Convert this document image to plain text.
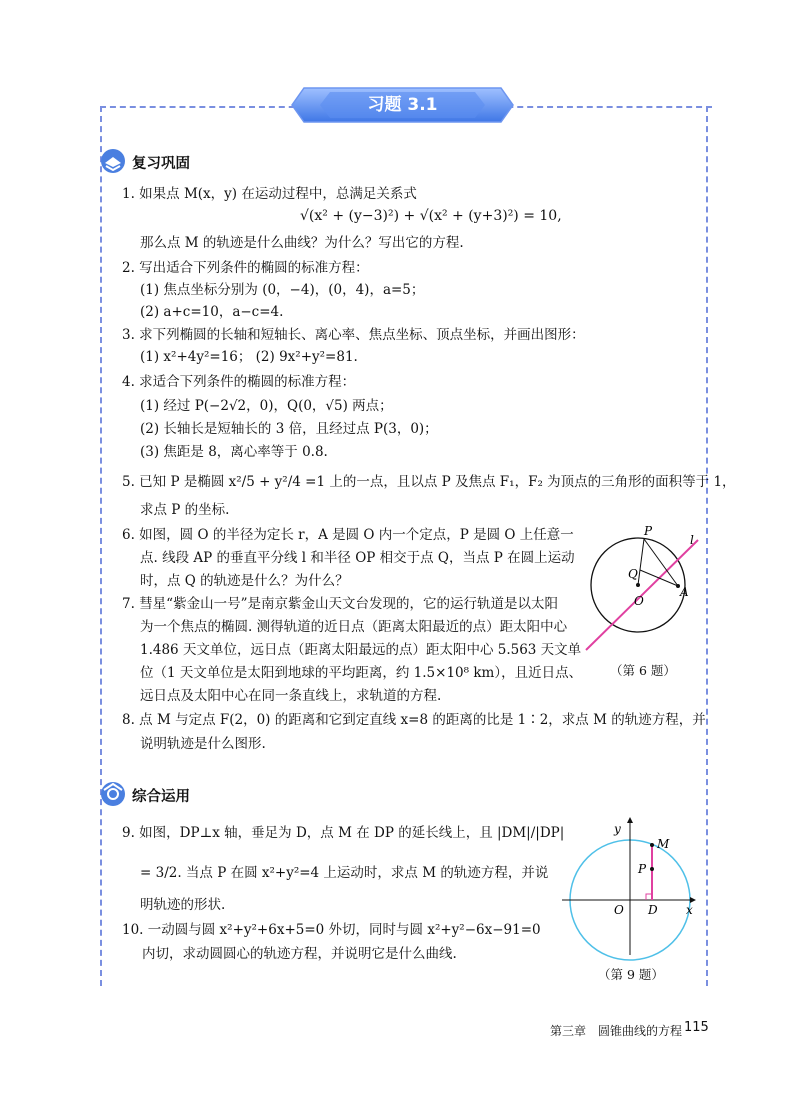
习题 3.1
复习巩固
1. 如果点 M(x，y) 在运动过程中，总满足关系式
√(x² + (y−3)²) + √(x² + (y+3)²) = 10,
那么点 M 的轨迹是什么曲线？为什么？写出它的方程.
2. 写出适合下列条件的椭圆的标准方程：
(1) 焦点坐标分别为 (0，−4)，(0，4)，a=5；
(2) a+c=10，a−c=4.
3. 求下列椭圆的长轴和短轴长、离心率、焦点坐标、顶点坐标，并画出图形：
(1) x²+4y²=16； (2) 9x²+y²=81.
4. 求适合下列条件的椭圆的标准方程：
(1) 经过 P(−2√2，0)，Q(0，√5) 两点；
(2) 长轴长是短轴长的 3 倍，且经过点 P(3，0)；
(3) 焦距是 8，离心率等于 0.8.
5. 已知 P 是椭圆 x²/5 + y²/4 =1 上的一点，且以点 P 及焦点 F₁，F₂ 为顶点的三角形的面积等于 1，
求点 P 的坐标.
6. 如图，圆 O 的半径为定长 r，A 是圆 O 内一个定点，P 是圆 O 上任意一
点. 线段 AP 的垂直平分线 l 和半径 OP 相交于点 Q，当点 P 在圆上运动
时，点 Q 的轨迹是什么？为什么？
7. 彗星“紫金山一号”是南京紫金山天文台发现的，它的运行轨道是以太阳
为一个焦点的椭圆. 测得轨道的近日点（距离太阳最近的点）距太阳中心
1.486 天文单位，远日点（距离太阳最远的点）距太阳中心 5.563 天文单
位（1 天文单位是太阳到地球的平均距离，约 1.5×10⁸ km），且近日点、
远日点及太阳中心在同一条直线上，求轨道的方程.
8. 点 M 与定点 F(2，0) 的距离和它到定直线 x=8 的距离的比是 1∶2，求点 M 的轨迹方程，并
说明轨迹是什么图形.
P
l
Q
O
A
（第 6 题）
综合运用
9. 如图，DP⊥x 轴，垂足为 D，点 M 在 DP 的延长线上，且 |DM|/|DP|
= 3/2. 当点 P 在圆 x²+y²=4 上运动时，求点 M 的轨迹方程，并说
明轨迹的形状.
10. 一动圆与圆 x²+y²+6x+5=0 外切，同时与圆 x²+y²−6x−91=0
内切，求动圆圆心的轨迹方程，并说明它是什么曲线.
y
M
P
O D x
（第 9 题）
第三章　圆锥曲线的方程 115
